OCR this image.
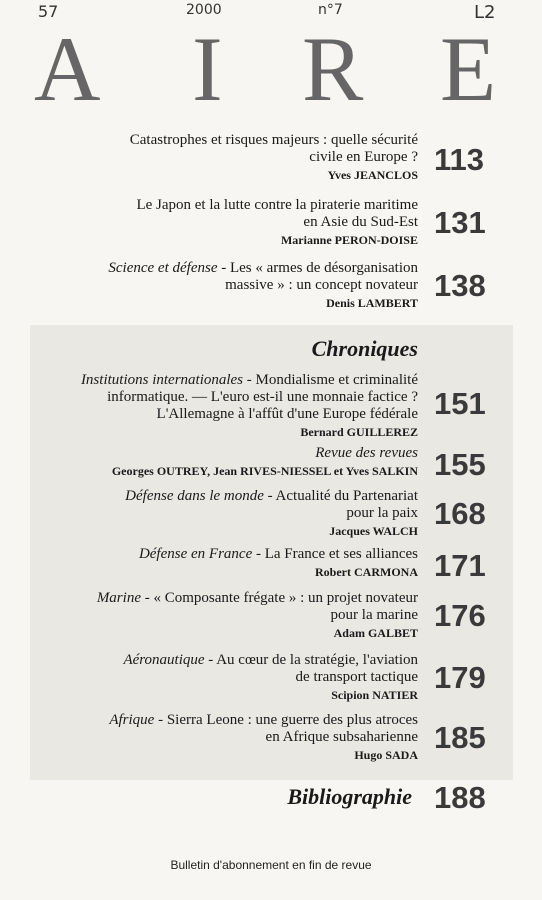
57	2000	n°7	L2
A I R E
Catastrophes et risques majeurs : quelle sécurité
civile en Europe ?
Yves JEANCLOS 113
Le Japon et la lutte contre la piraterie maritime
en Asie du Sud-Est
Marianne PERON-DOISE 131
Science et défense - Les « armes de désorganisation
massive » : un concept novateur
Denis LAMBERT 138
Chroniques
Institutions internationales - Mondialisme et criminalité
informatique. — L'euro est-il une monnaie factice ?
L'Allemagne à l'affût d'une Europe fédérale
Bernard GUILLEREZ
151
Revue des revues
Georges OUTREY, Jean RIVES-NIESSEL et Yves SALKIN 155
Défense dans le monde - Actualité du Partenariat
pour la paix
Jacques WALCH 168
Défense en France - La France et ses alliances
Robert CARMONA 171
Marine - « Composante frégate » : un projet novateur
pour la marine
Adam GALBET 176
Aéronautique - Au cœur de la stratégie, l'aviation
de transport tactique
Scipion NATIER 179
Afrique - Sierra Leone : une guerre des plus atroces
en Afrique subsaharienne
Hugo SADA 185
Bibliographie 188
Bulletin d'abonnement en fin de revue
